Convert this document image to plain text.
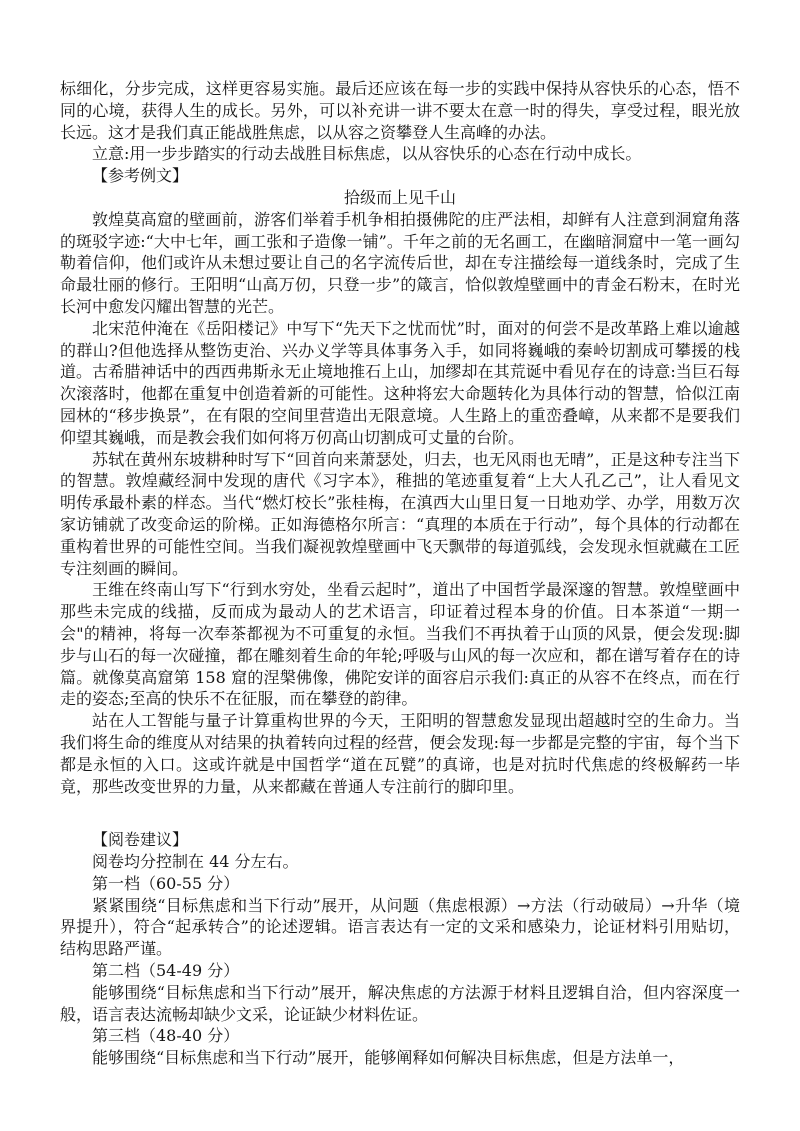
标细化，分步完成，这样更容易实施。最后还应该在每一步的实践中保持从容快乐的心态，悟不同的心境，获得人生的成长。另外，可以补充讲一讲不要太在意一时的得失，享受过程，眼光放长远。这才是我们真正能战胜焦虑，以从容之资攀登人生高峰的办法。

立意:用一步步踏实的行动去战胜目标焦虑，以从容快乐的心态在行动中成长。

【参考例文】
拾级而上见千山

敦煌莫高窟的壁画前，游客们举着手机争相拍摄佛陀的庄严法相，却鲜有人注意到洞窟角落的斑驳字迹:“大中七年，画工张和子造像一铺”。千年之前的无名画工，在幽暗洞窟中一笔一画勾勒着信仰，他们或许从未想过要让自己的名字流传后世，却在专注描绘每一道线条时，完成了生命最壮丽的修行。王阳明“山高万仞，只登一步”的箴言，恰似敦煌壁画中的青金石粉末，在时光长河中愈发闪耀出智慧的光芒。

北宋范仲淹在《岳阳楼记》中写下“先天下之忧而忧”时，面对的何尝不是改革路上难以逾越的群山?但他选择从整饬吏治、兴办义学等具体事务入手，如同将巍峨的秦岭切割成可攀援的栈道。古希腊神话中的西西弗斯永无止境地推石上山，加缪却在其荒诞中看见存在的诗意:当巨石每次滚落时，他都在重复中创造着新的可能性。这种将宏大命题转化为具体行动的智慧，恰似江南园林的“移步换景”，在有限的空间里营造出无限意境。人生路上的重峦叠嶂，从来都不是要我们仰望其巍峨，而是教会我们如何将万仞高山切割成可丈量的台阶。

苏轼在黄州东坡耕种时写下“回首向来萧瑟处，归去，也无风雨也无晴”，正是这种专注当下的智慧。敦煌藏经洞中发现的唐代《习字本》，稚拙的笔迹重复着“上大人孔乙己”，让人看见文明传承最朴素的样态。当代“燃灯校长”张桂梅，在滇西大山里日复一日地劝学、办学，用数万次家访铺就了改变命运的阶梯。正如海德格尔所言：“真理的本质在于行动”，每个具体的行动都在重构着世界的可能性空间。当我们凝视敦煌壁画中飞天飘带的每道弧线，会发现永恒就藏在工匠专注刻画的瞬间。

王维在终南山写下“行到水穷处，坐看云起时”，道出了中国哲学最深邃的智慧。敦煌壁画中那些未完成的线描，反而成为最动人的艺术语言，印证着过程本身的价值。日本茶道“一期一会"的精神，将每一次奉茶都视为不可重复的永恒。当我们不再执着于山顶的风景，便会发现:脚步与山石的每一次碰撞，都在雕刻着生命的年轮;呼吸与山风的每一次应和，都在谱写着存在的诗篇。就像莫高窟第 158 窟的涅槃佛像，佛陀安详的面容启示我们:真正的从容不在终点，而在行走的姿态;至高的快乐不在征服，而在攀登的韵律。

站在人工智能与量子计算重构世界的今天，王阳明的智慧愈发显现出超越时空的生命力。当我们将生命的维度从对结果的执着转向过程的经营，便会发现:每一步都是完整的宇宙，每个当下都是永恒的入口。这或许就是中国哲学“道在瓦甓”的真谛，也是对抗时代焦虑的终极解药一毕竟，那些改变世界的力量，从来都藏在普通人专注前行的脚印里。

【阅卷建议】

阅卷均分控制在 44 分左右。

第一档（60-55 分）

紧紧围绕“目标焦虑和当下行动”展开，从问题（焦虑根源）→方法（行动破局）→升华（境界提升），符合“起承转合”的论述逻辑。语言表达有一定的文采和感染力，论证材料引用贴切，结构思路严谨。

第二档（54-49 分）

能够围绕“目标焦虑和当下行动”展开，解决焦虑的方法源于材料且逻辑自洽，但内容深度一般，语言表达流畅却缺少文采，论证缺少材料佐证。

第三档（48-40 分）

能够围绕“目标焦虑和当下行动”展开，能够阐释如何解决目标焦虑，但是方法单一，
